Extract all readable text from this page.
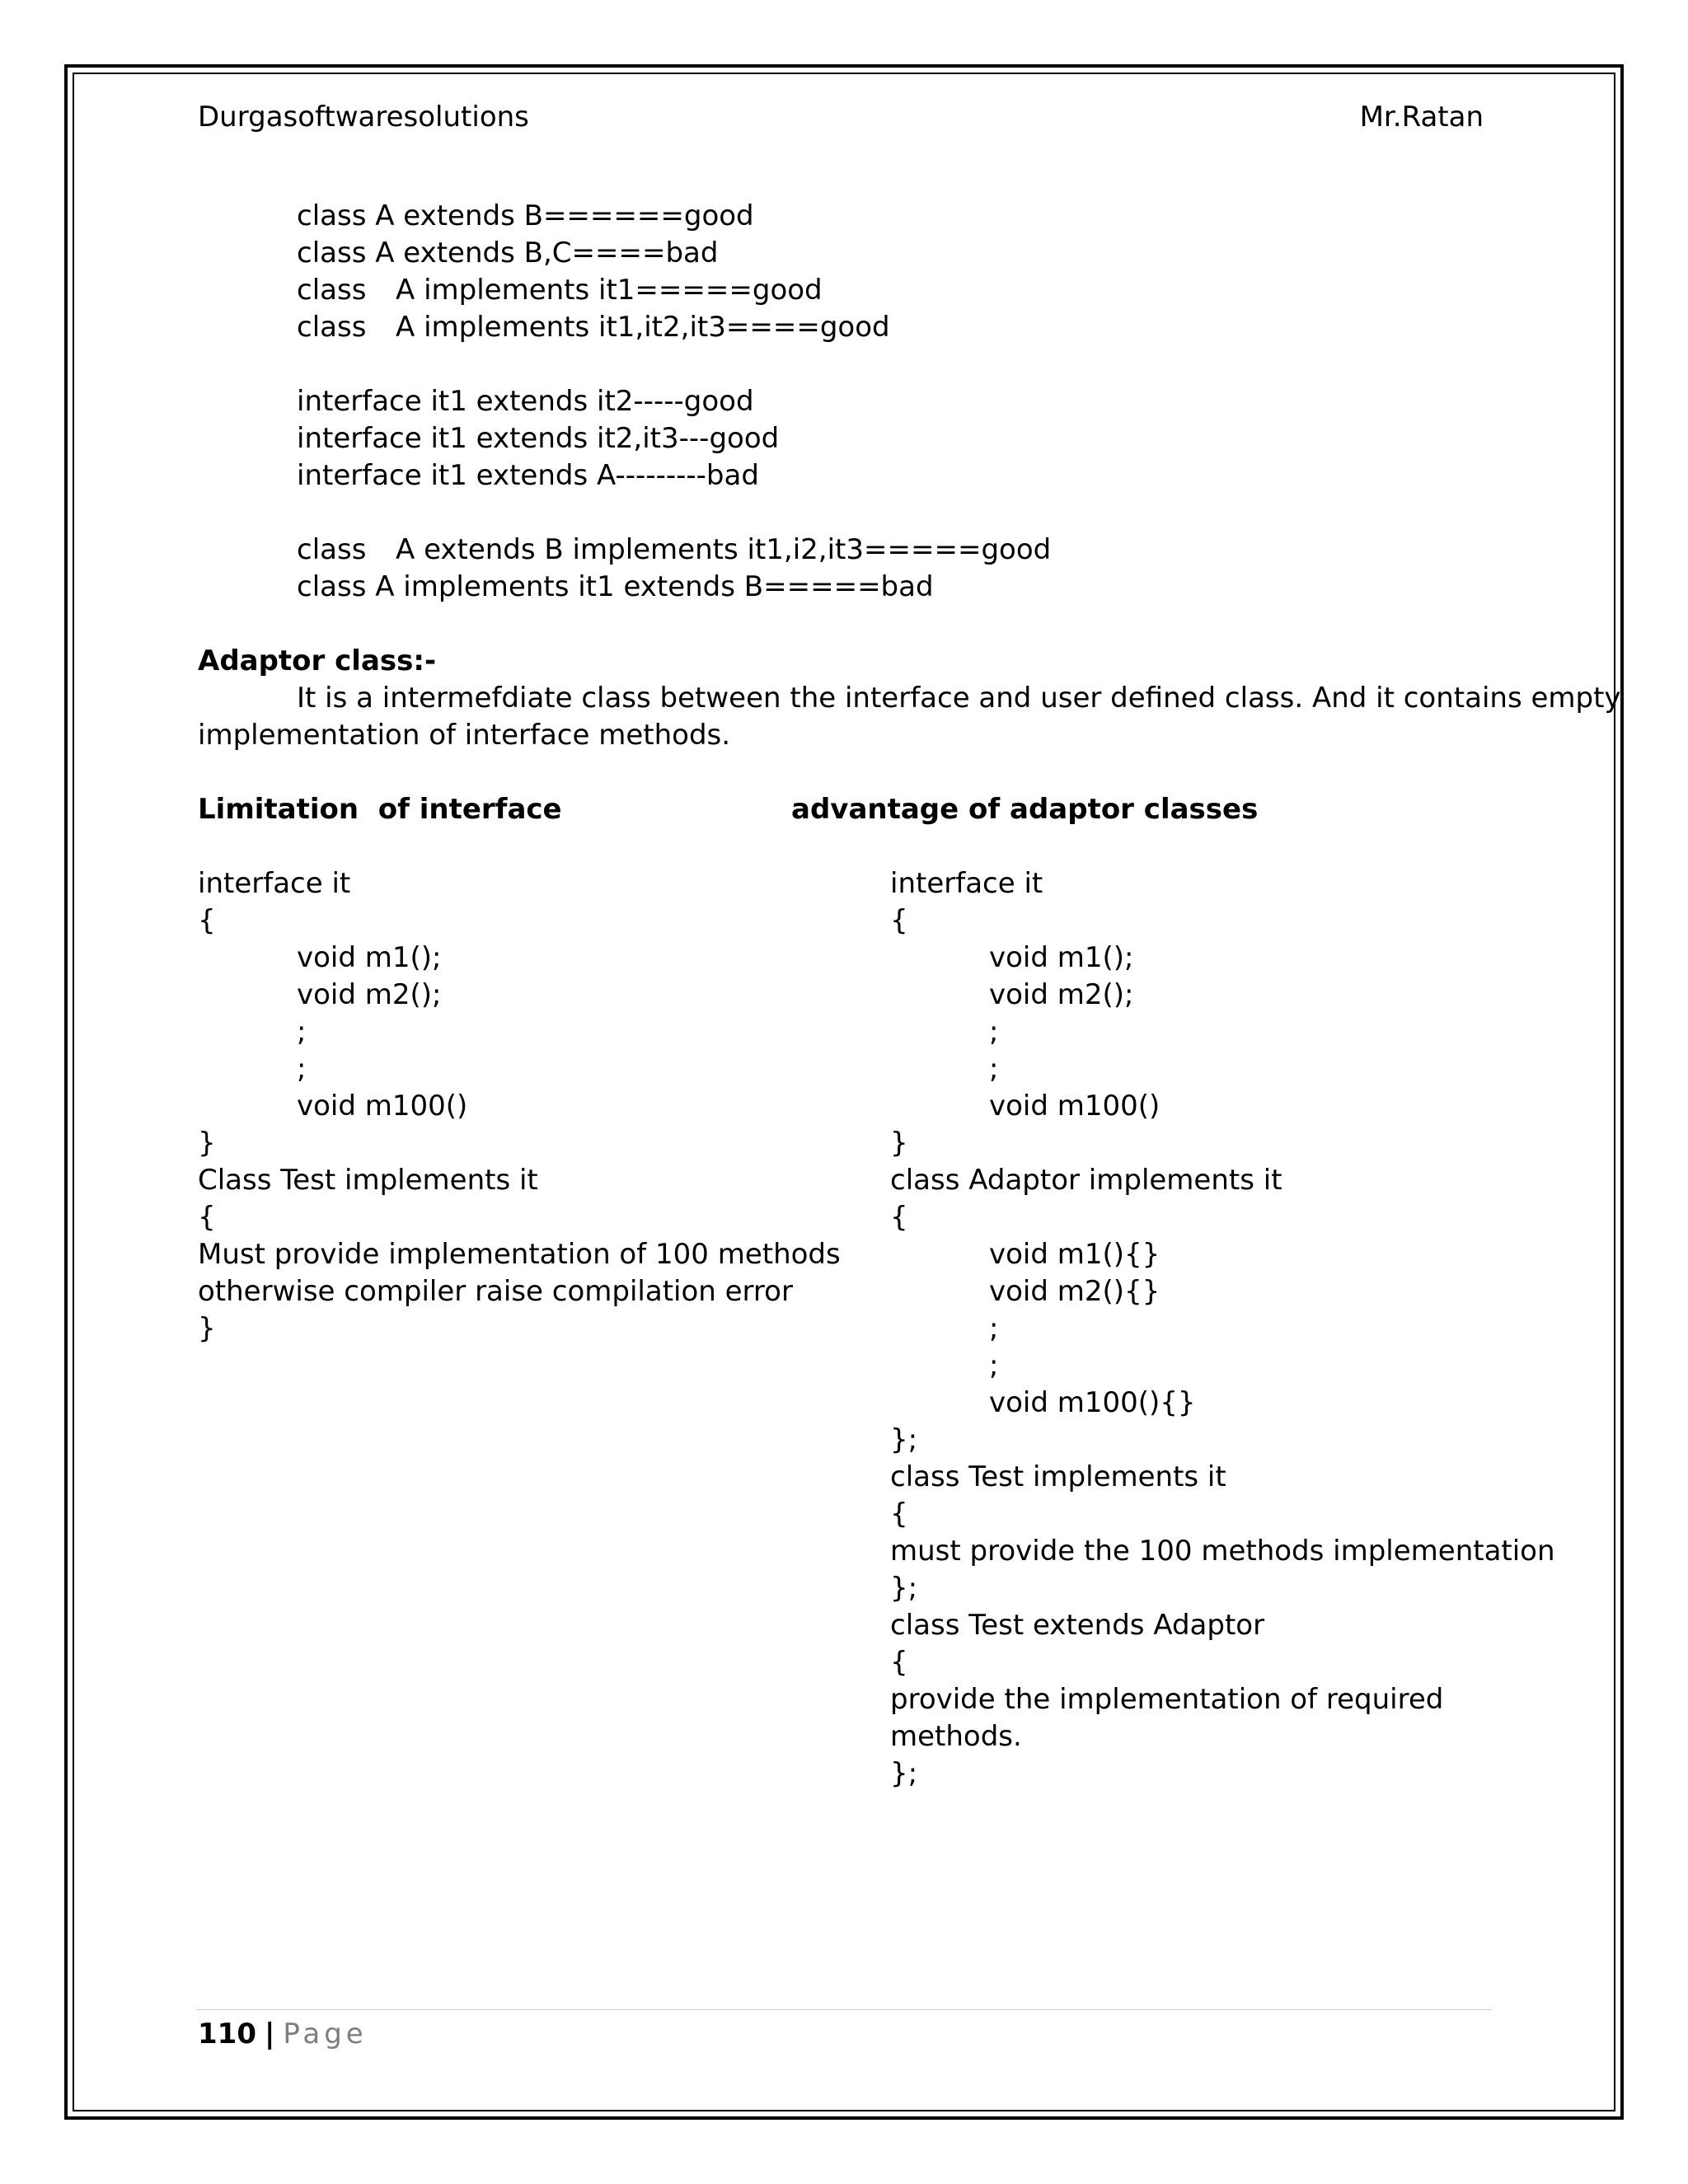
Durgasoftwaresolutions	Mr.Ratan
class A extends B======good
class A extends B,C====bad
class A implements it1=====good
class A implements it1,it2,it3====good
interface it1 extends it2-----good
interface it1 extends it2,it3---good
interface it1 extends A---------bad
class A extends B implements it1,i2,it3=====good
class A implements it1 extends B=====bad
Adaptor class:-
It is a intermefdiate class between the interface and user defined class. And it contains empty
implementation of interface methods.
Limitation  of interface	advantage of adaptor classes
interface it
{
void m1();
void m2();
;
;
void m100()
}
Class Test implements it
{
Must provide implementation of 100 methods
otherwise compiler raise compilation error
}
interface it
{
void m1();
void m2();
;
;
void m100()
}
class Adaptor implements it
{
void m1(){}
void m2(){}
;
;
void m100(){}
};
class Test implements it
{
must provide the 100 methods implementation
};
class Test extends Adaptor
{
provide the implementation of required
methods.
};
110 | Page
